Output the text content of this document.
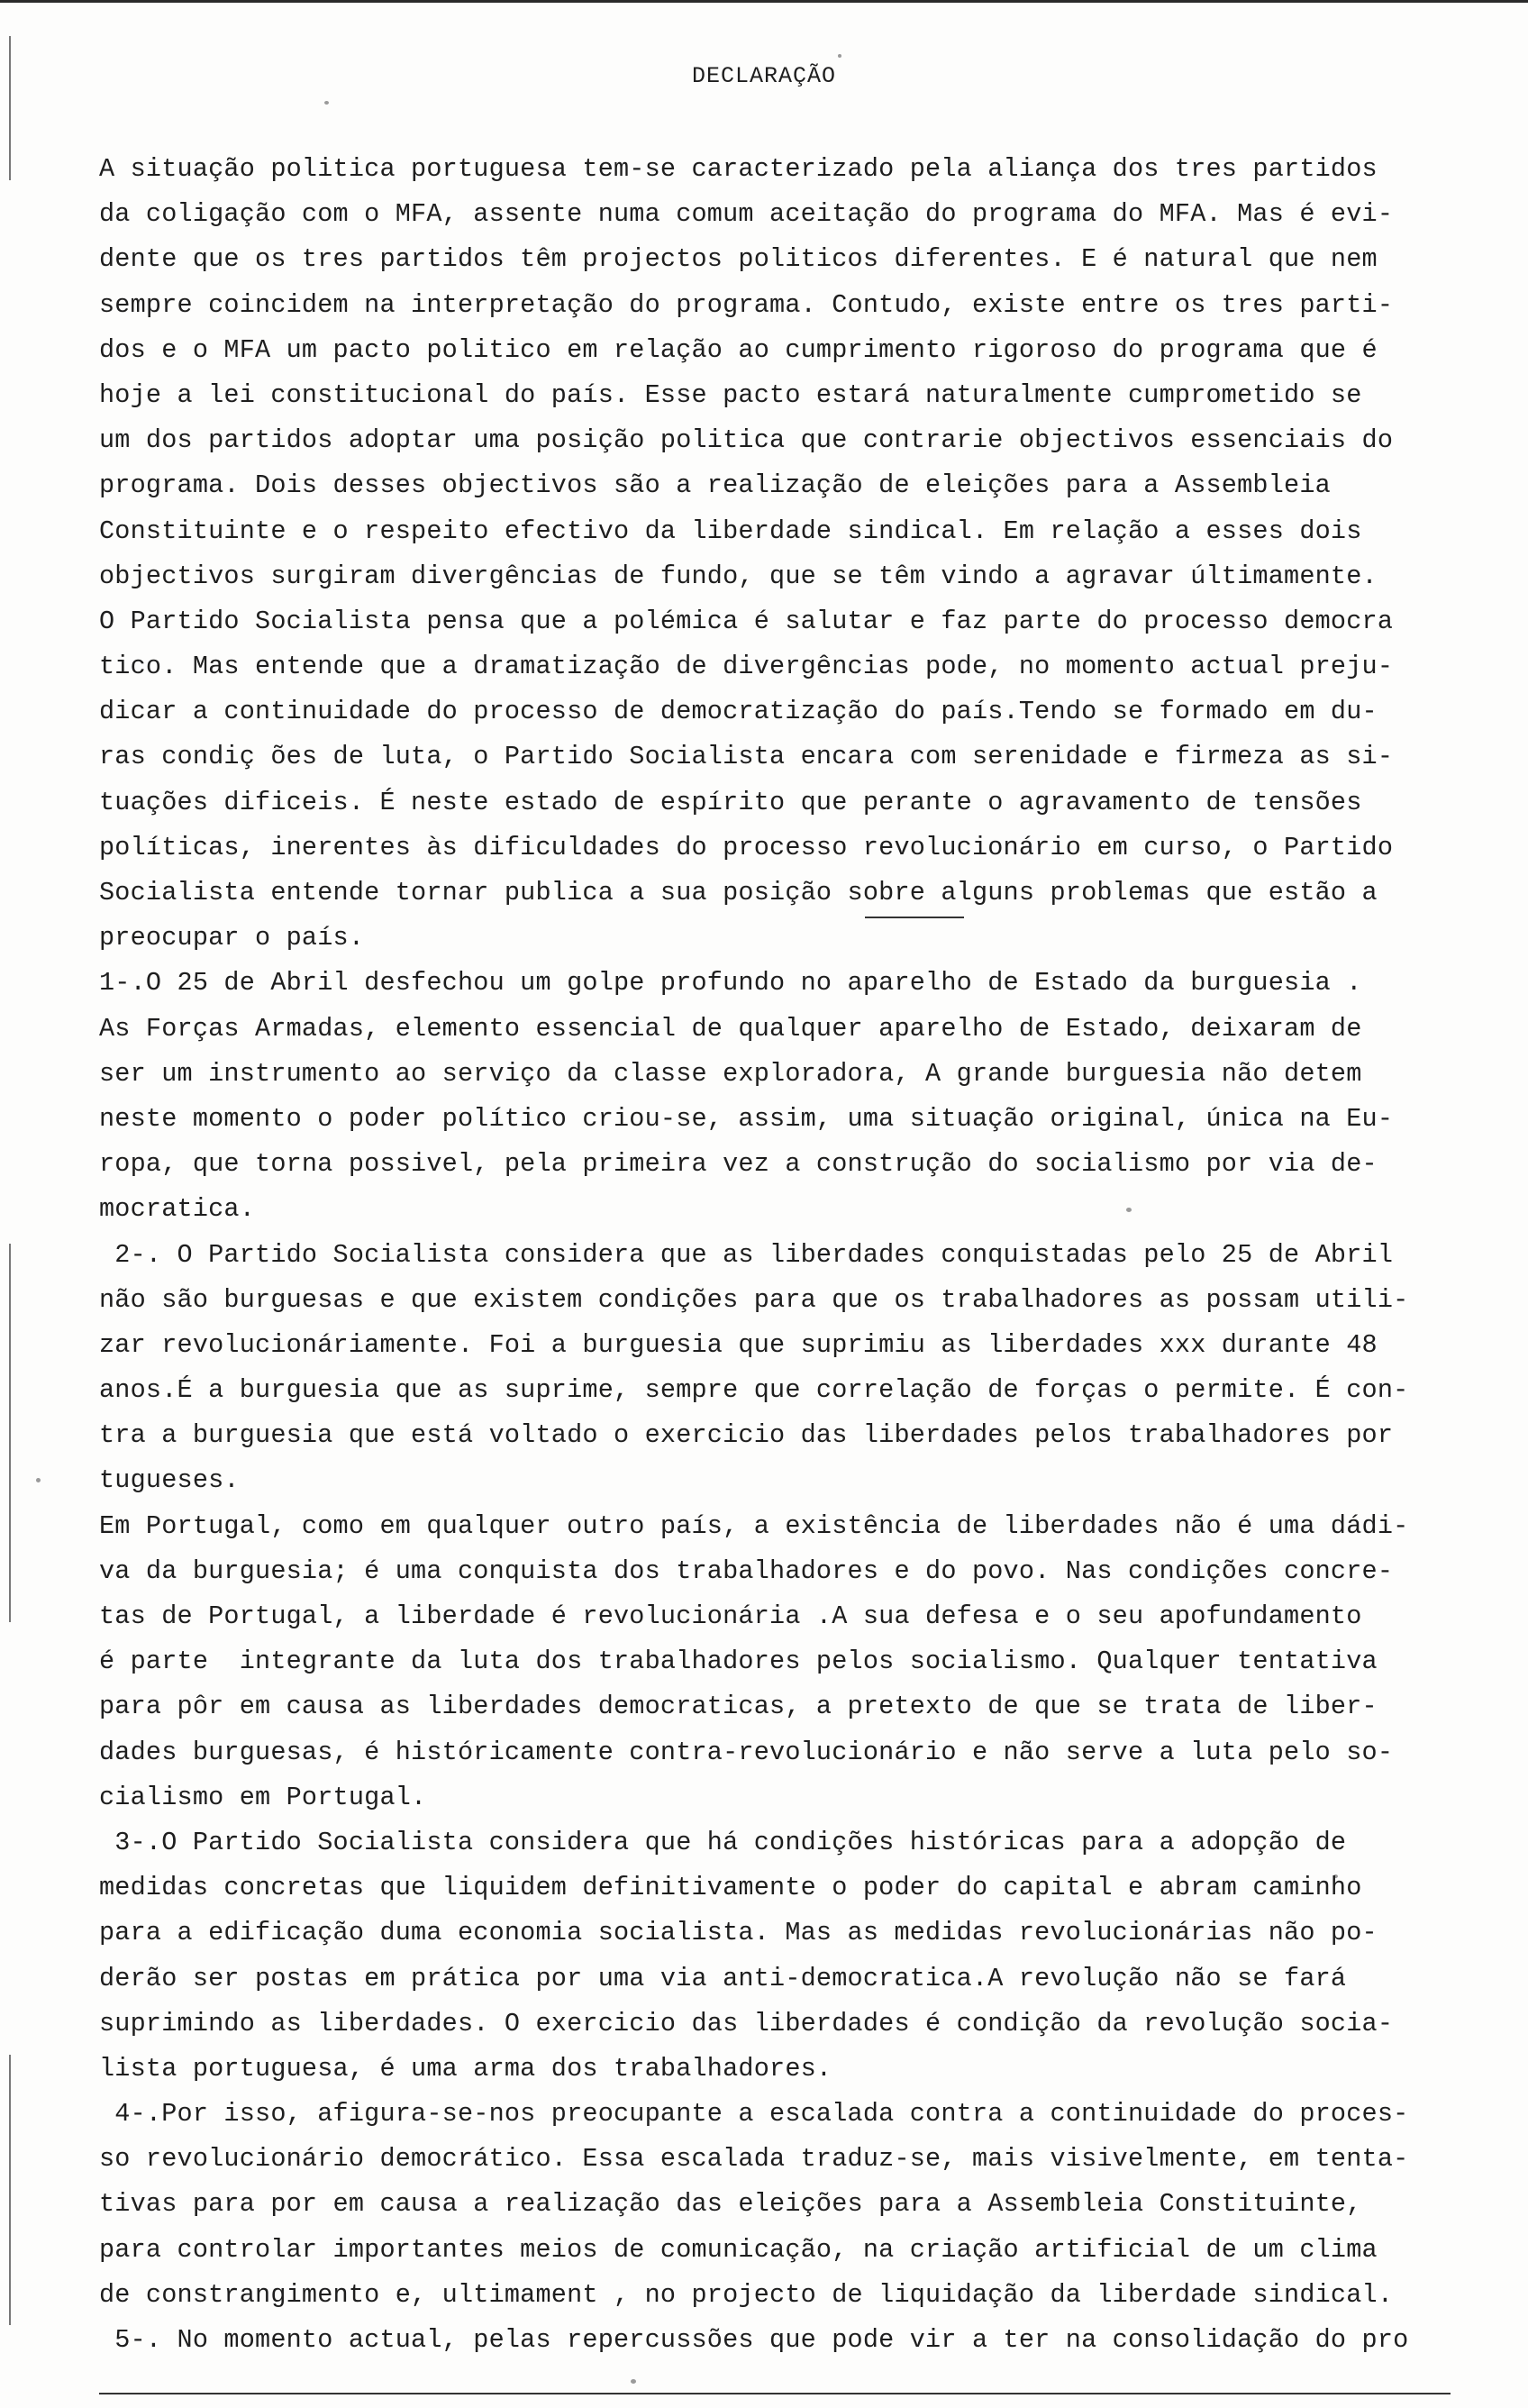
DECLARAÇÃO
A situação politica portuguesa tem-se caracterizado pela aliança dos tres partidos
da coligação com o MFA, assente numa comum aceitação do programa do MFA. Mas é evi-
dente que os tres partidos têm projectos politicos diferentes. E é natural que nem
sempre coincidem na interpretação do programa. Contudo, existe entre os tres parti-
dos e o MFA um pacto politico em relação ao cumprimento rigoroso do programa que é
hoje a lei constitucional do país. Esse pacto estará naturalmente cumprometido se
um dos partidos adoptar uma posição politica que contrarie objectivos essenciais do
programa. Dois desses objectivos são a realização de eleições para a Assembleia
Constituinte e o respeito efectivo da liberdade sindical. Em relação a esses dois
objectivos surgiram divergências de fundo, que se têm vindo a agravar últimamente.
O Partido Socialista pensa que a polémica é salutar e faz parte do processo democra
tico. Mas entende que a dramatização de divergências pode, no momento actual preju-
dicar a continuidade do processo de democratização do país.Tendo se formado em du-
ras condiç ões de luta, o Partido Socialista encara com serenidade e firmeza as si-
tuações dificeis. É neste estado de espírito que perante o agravamento de tensões
políticas, inerentes às dificuldades do processo revolucionário em curso, o Partido
Socialista entende tornar publica a sua posição sobre alguns problemas que estão a
preocupar o país.
1-.O 25 de Abril desfechou um golpe profundo no aparelho de Estado da burguesia .
As Forças Armadas, elemento essencial de qualquer aparelho de Estado, deixaram de
ser um instrumento ao serviço da classe exploradora, A grande burguesia não detem
neste momento o poder político criou-se, assim, uma situação original, única na Eu-
ropa, que torna possivel, pela primeira vez a construção do socialismo por via de-
mocratica.
2-. O Partido Socialista considera que as liberdades conquistadas pelo 25 de Abril
não são burguesas e que existem condições para que os trabalhadores as possam utili-
zar revolucionáriamente. Foi a burguesia que suprimiu as liberdades xxx durante 48
anos.É a burguesia que as suprime, sempre que correlação de forças o permite. É con-
tra a burguesia que está voltado o exercicio das liberdades pelos trabalhadores por
tugueses.
Em Portugal, como em qualquer outro país, a existência de liberdades não é uma dádi-
va da burguesia; é uma conquista dos trabalhadores e do povo. Nas condições concre-
tas de Portugal, a liberdade é revolucionária .A sua defesa e o seu apofundamento
é parte  integrante da luta dos trabalhadores pelos socialismo. Qualquer tentativa
para pôr em causa as liberdades democraticas, a pretexto de que se trata de liber-
dades burguesas, é históricamente contra-revolucionário e não serve a luta pelo so-
cialismo em Portugal.
3-.O Partido Socialista considera que há condições históricas para a adopção de
medidas concretas que liquidem definitivamente o poder do capital e abram caminho
para a edificação duma economia socialista. Mas as medidas revolucionárias não po-
derão ser postas em prática por uma via anti-democratica.A revolução não se fará
suprimindo as liberdades. O exercicio das liberdades é condição da revolução socia-
lista portuguesa, é uma arma dos trabalhadores.
4-.Por isso, afigura-se-nos preocupante a escalada contra a continuidade do proces-
so revolucionário democrático. Essa escalada traduz-se, mais visivelmente, em tenta-
tivas para por em causa a realização das eleições para a Assembleia Constituinte,
para controlar importantes meios de comunicação, na criação artificial de um clima
de constrangimento e, ultimament , no projecto de liquidação da liberdade sindical.
5-. No momento actual, pelas repercussões que pode vir a ter na consolidação do pro
